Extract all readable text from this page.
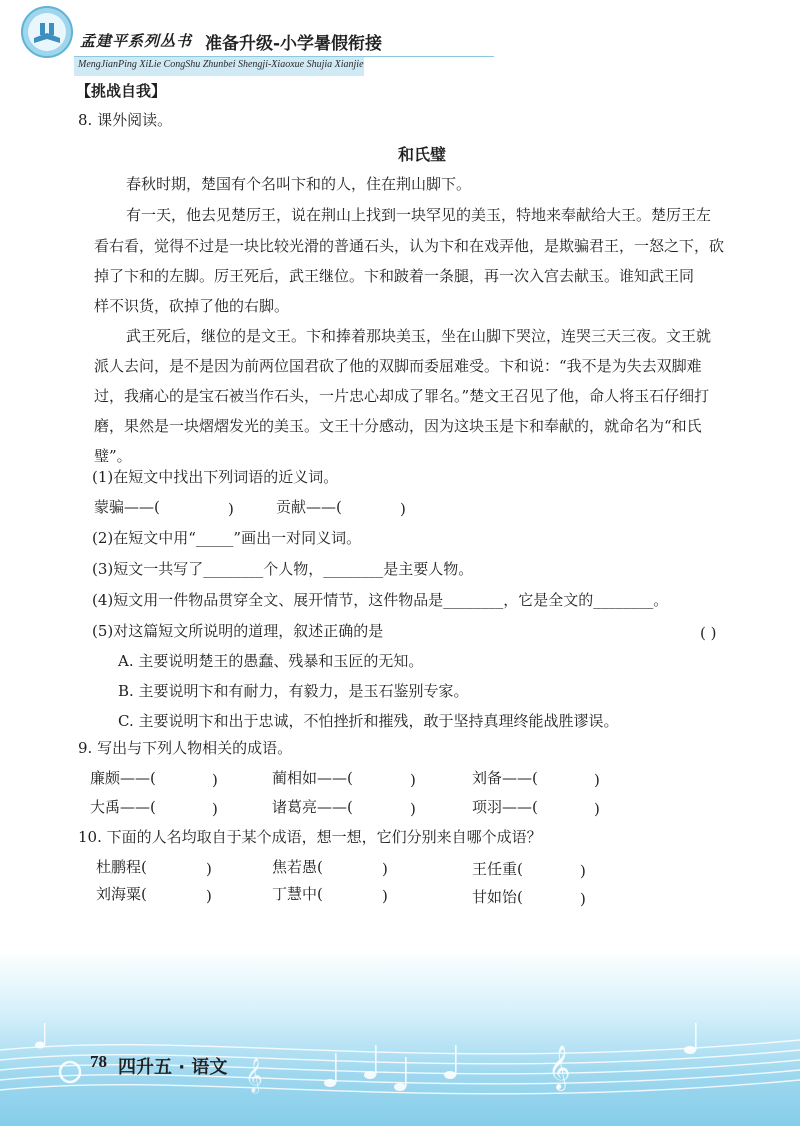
孟建平系列丛书 准备升级-小学暑假衔接
MengJianPing XiLie CongShu Zhunbei Shengji-Xiaoxue Shujia Xianjie
【挑战自我】
8. 课外阅读。
和氏璧
春秋时期，楚国有个名叫卞和的人，住在荆山脚下。
有一天，他去见楚厉王，说在荆山上找到一块罕见的美玉，特地来奉献给大王。楚厉王左
看右看，觉得不过是一块比较光滑的普通石头，认为卞和在戏弄他，是欺骗君王，一怒之下，砍
掉了卞和的左脚。厉王死后，武王继位。卞和跛着一条腿，再一次入宫去献玉。谁知武王同
样不识货，砍掉了他的右脚。
武王死后，继位的是文王。卞和捧着那块美玉，坐在山脚下哭泣，连哭三天三夜。文王就
派人去问，是不是因为前两位国君砍了他的双脚而委屈难受。卞和说：“我不是为失去双脚难
过，我痛心的是宝石被当作石头，一片忠心却成了罪名。”楚文王召见了他，命人将玉石仔细打
磨，果然是一块熠熠发光的美玉。文王十分感动，因为这块玉是卞和奉献的，就命名为“和氏
璧”。
(1)在短文中找出下列词语的近义词。
蒙骗——(	)	贡献——(	)
(2)在短文中用“_____”画出一对同义词。
(3)短文一共写了________个人物，________是主要人物。
(4)短文用一件物品贯穿全文、展开情节，这件物品是________，它是全文的________。
(5)对这篇短文所说明的道理，叙述正确的是	( )
A. 主要说明楚王的愚蠢、残暴和玉匠的无知。
B. 主要说明卞和有耐力，有毅力，是玉石鉴别专家。
C. 主要说明卞和出于忠诚，不怕挫折和摧残，敢于坚持真理终能战胜谬误。
9. 写出与下列人物相关的成语。
廉颇——(	)	蔺相如——(	)	刘备——(	)
大禹——(	)	诸葛亮——(	)	项羽——(	)
10. 下面的人名均取自于某个成语，想一想，它们分别来自哪个成语？
杜鹏程(	)	焦若愚(	)	王任重(	)
刘海粟(	)	丁慧中(	)	甘如饴(	)
𝄞
𝄞
78 四升五 · 语文
